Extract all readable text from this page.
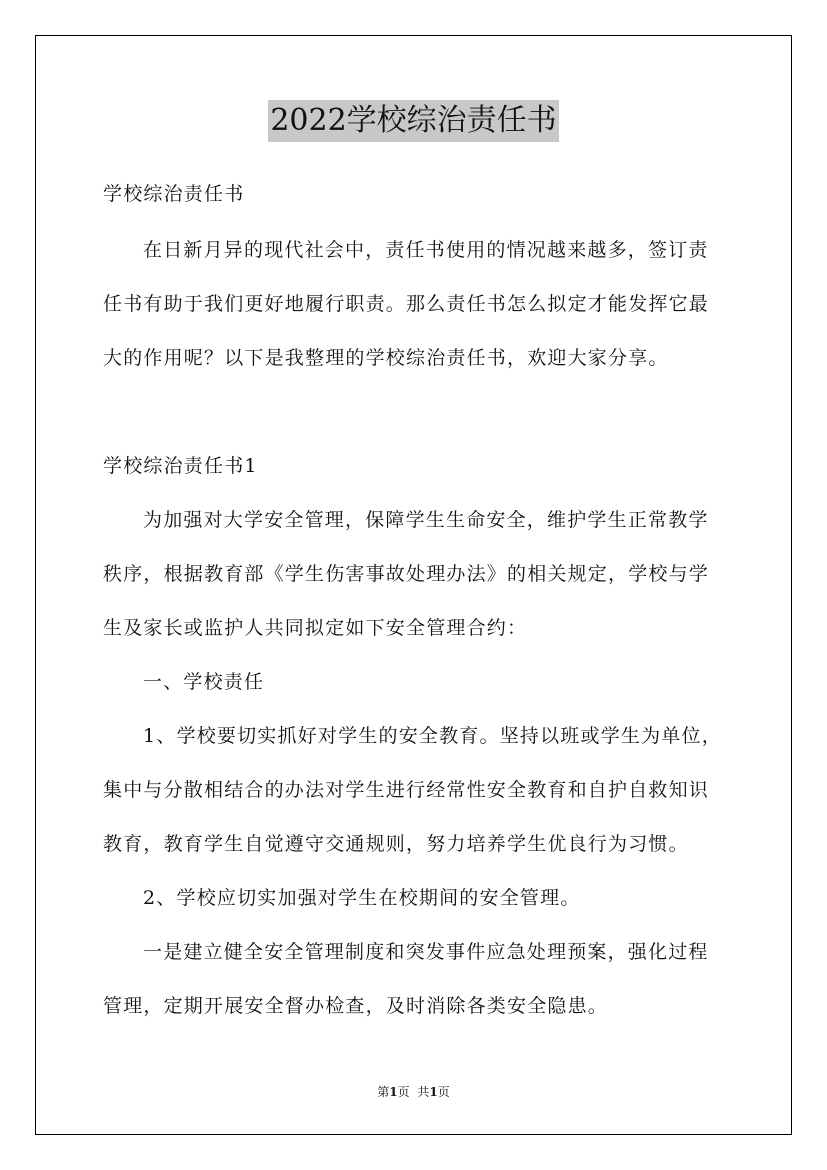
2022学校综治责任书
学校综治责任书
在日新月异的现代社会中，责任书使用的情况越来越多，签订责
任书有助于我们更好地履行职责。那么责任书怎么拟定才能发挥它最
大的作用呢？以下是我整理的学校综治责任书，欢迎大家分享。
学校综治责任书1
为加强对大学安全管理，保障学生生命安全，维护学生正常教学
秩序，根据教育部《学生伤害事故处理办法》的相关规定，学校与学
生及家长或监护人共同拟定如下安全管理合约：
一、学校责任
1、学校要切实抓好对学生的安全教育。坚持以班或学生为单位，
集中与分散相结合的办法对学生进行经常性安全教育和自护自救知识
教育，教育学生自觉遵守交通规则，努力培养学生优良行为习惯。
2、学校应切实加强对学生在校期间的安全管理。
一是建立健全安全管理制度和突发事件应急处理预案，强化过程
管理，定期开展安全督办检查，及时消除各类安全隐患。
第1页 共1页
